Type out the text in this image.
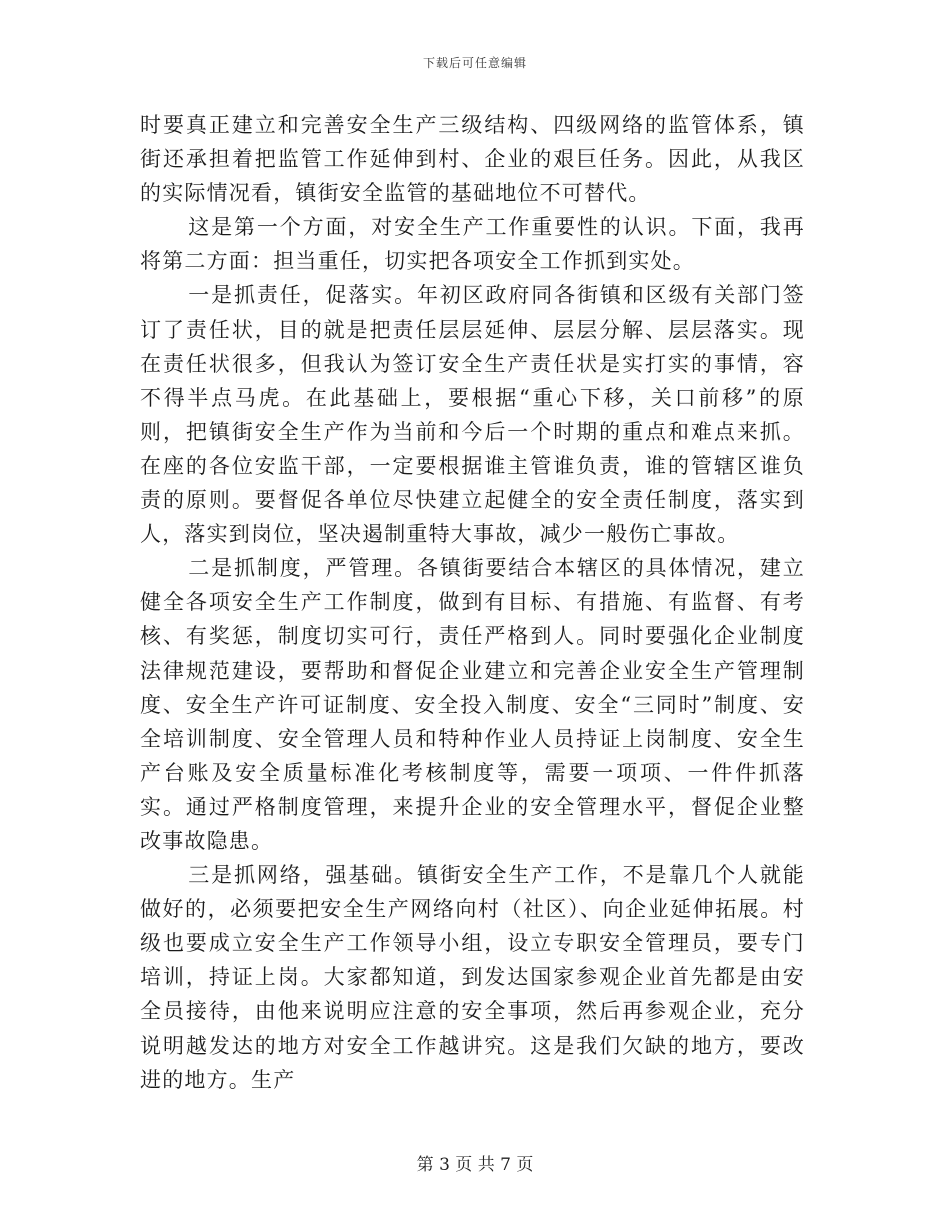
下载后可任意编辑

时要真正建立和完善安全生产三级结构、四级网络的监管体系，镇街还承担着把监管工作延伸到村、企业的艰巨任务。因此，从我区的实际情况看，镇街安全监管的基础地位不可替代。

这是第一个方面，对安全生产工作重要性的认识。下面，我再将第二方面：担当重任，切实把各项安全工作抓到实处。

一是抓责任，促落实。年初区政府同各街镇和区级有关部门签订了责任状，目的就是把责任层层延伸、层层分解、层层落实。现在责任状很多，但我认为签订安全生产责任状是实打实的事情，容不得半点马虎。在此基础上，要根据“重心下移，关口前移”的原则，把镇街安全生产作为当前和今后一个时期的重点和难点来抓。在座的各位安监干部，一定要根据谁主管谁负责，谁的管辖区谁负责的原则。要督促各单位尽快建立起健全的安全责任制度，落实到人，落实到岗位，坚决遏制重特大事故，减少一般伤亡事故。

二是抓制度，严管理。各镇街要结合本辖区的具体情况，建立健全各项安全生产工作制度，做到有目标、有措施、有监督、有考核、有奖惩，制度切实可行，责任严格到人。同时要强化企业制度法律规范建设，要帮助和督促企业建立和完善企业安全生产管理制度、安全生产许可证制度、安全投入制度、安全“三同时”制度、安全培训制度、安全管理人员和特种作业人员持证上岗制度、安全生产台账及安全质量标准化考核制度等，需要一项项、一件件抓落实。通过严格制度管理，来提升企业的安全管理水平，督促企业整改事故隐患。

三是抓网络，强基础。镇街安全生产工作，不是靠几个人就能做好的，必须要把安全生产网络向村（社区）、向企业延伸拓展。村级也要成立安全生产工作领导小组，设立专职安全管理员，要专门培训，持证上岗。大家都知道，到发达国家参观企业首先都是由安全员接待，由他来说明应注意的安全事项，然后再参观企业，充分说明越发达的地方对安全工作越讲究。这是我们欠缺的地方，要改进的地方。生产

第 3 页 共 7 页
